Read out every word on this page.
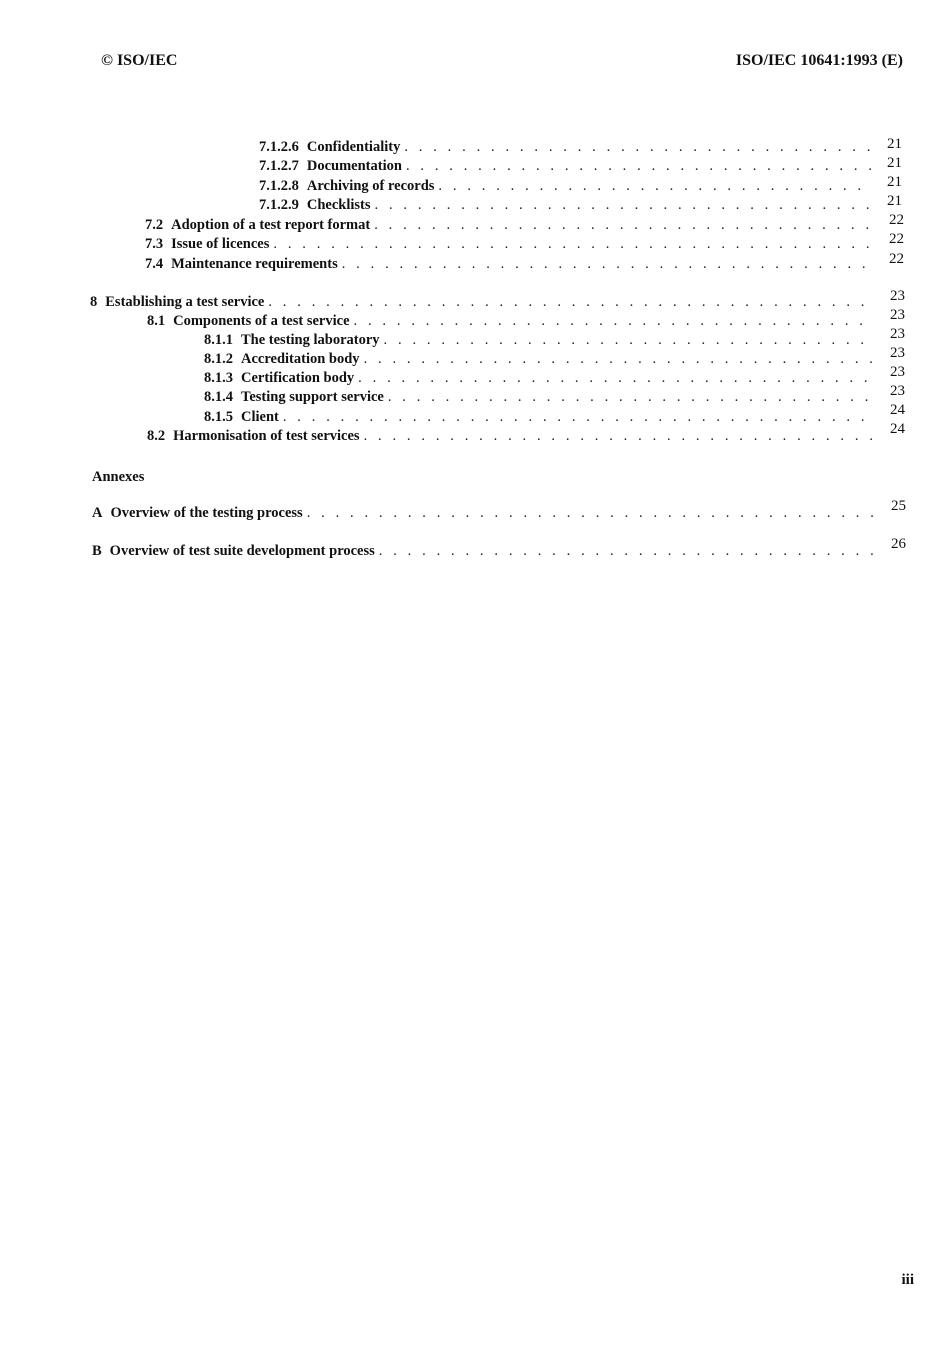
© ISO/IEC	ISO/IEC 10641:1993 (E)
7.1.2.6 Confidentiality . . .	21
7.1.2.7 Documentation . . .	21
7.1.2.8 Archiving of records . . .	21
7.1.2.9 Checklists . . .	21
7.2 Adoption of a test report format . . .	22
7.3 Issue of licences . . .	22
7.4 Maintenance requirements . . .	22
8 Establishing a test service . . .	23
8.1 Components of a test service . . .	23
8.1.1 The testing laboratory . . .	23
8.1.2 Accreditation body . . .	23
8.1.3 Certification body . . .	23
8.1.4 Testing support service . . .	23
8.1.5 Client . . .	24
8.2 Harmonisation of test services . . .	24
Annexes
A Overview of the testing process . . .	25
B Overview of test suite development process . . .	26
iii
